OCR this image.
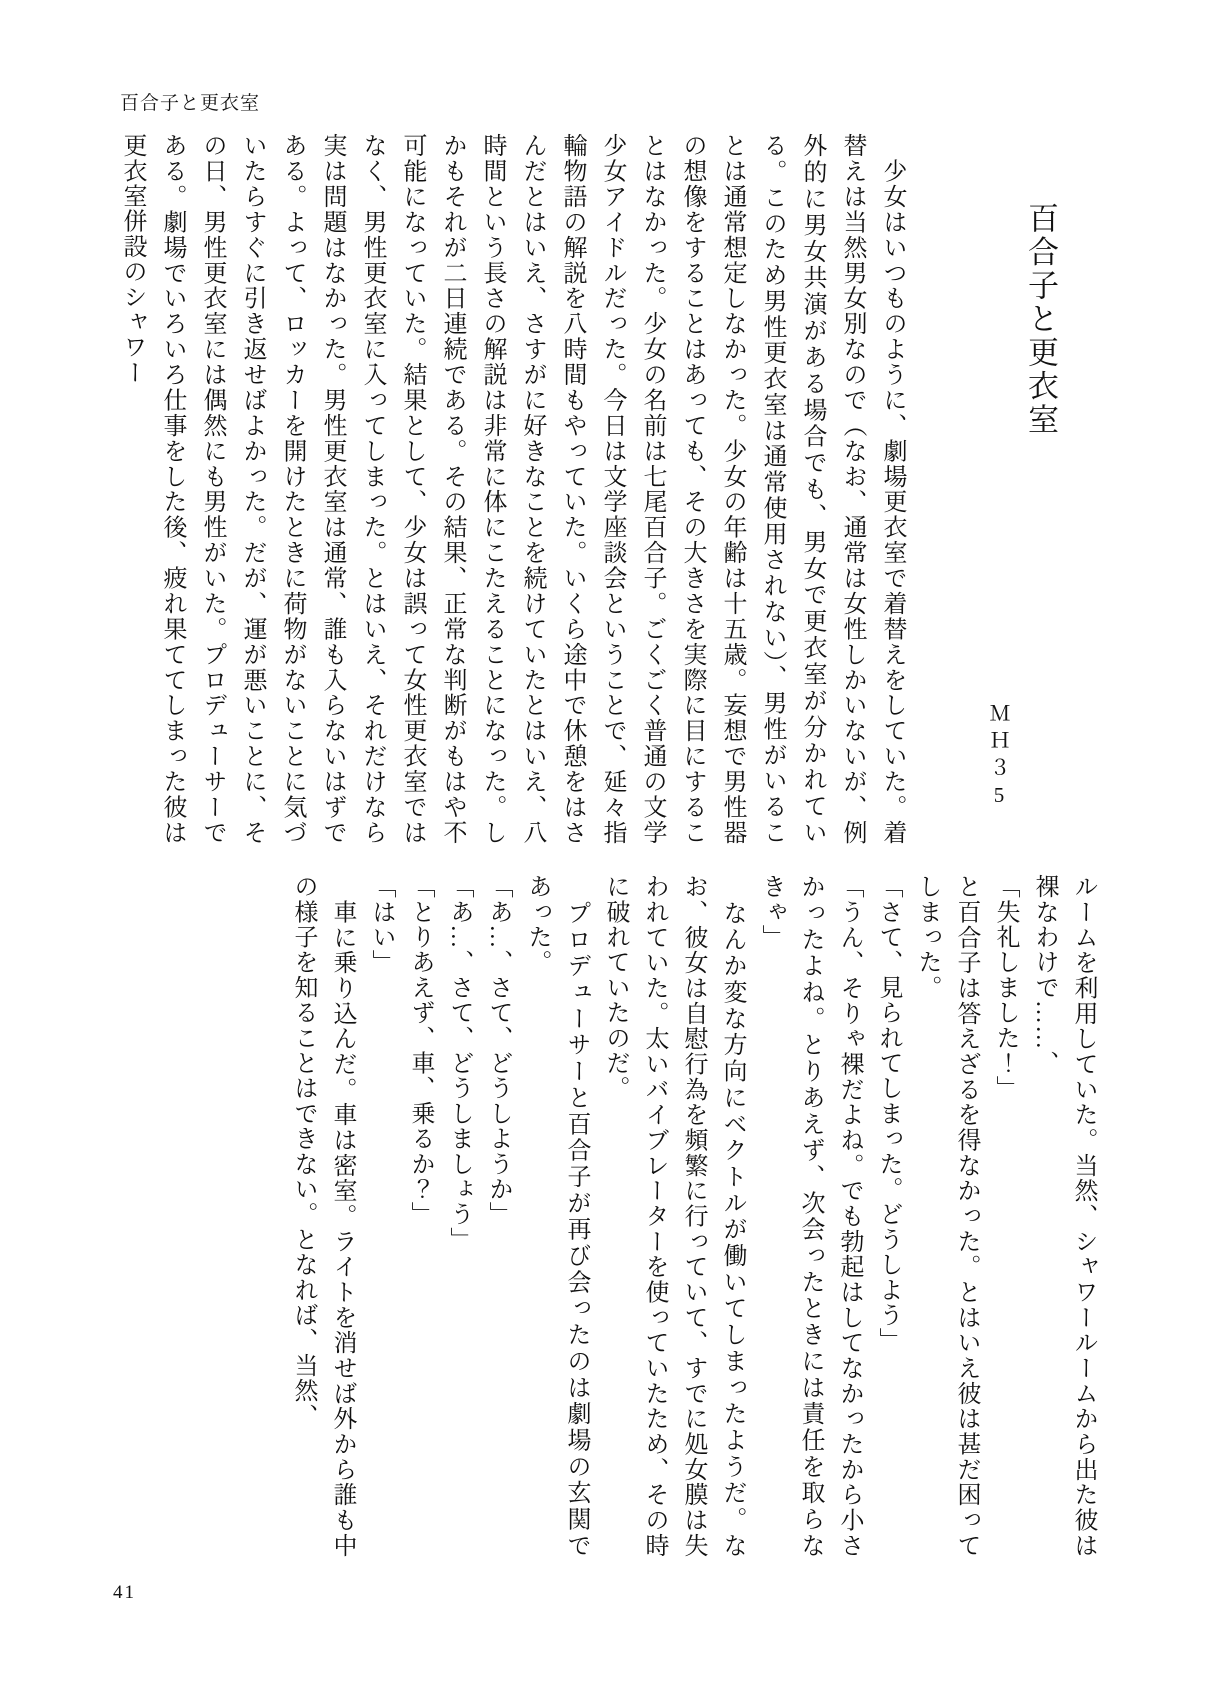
百合子と更衣室
百合子と更衣室
ＭＨ３5

　少女はいつものように、劇場更衣室で着替えをしていた。着替えは当然男女別なので（なお、通常は女性しかいないが、例外的に男女共演がある場合でも、男女で更衣室が分かれている。このため男性更衣室は通常使用されない）、男性がいることは通常想定しなかった。少女の年齢は十五歳。妄想で男性器の想像をすることはあっても、その大きさを実際に目にすることはなかった。少女の名前は七尾百合子。ごくごく普通の文学少女アイドルだった。今日は文学座談会ということで、延々指輪物語の解説を八時間もやっていた。いくら途中で休憩をはさんだとはいえ、さすがに好きなことを続けていたとはいえ、八時間という長さの解説は非常に体にこたえることになった。しかもそれが二日連続である。その結果、正常な判断がもはや不可能になっていた。結果として、少女は誤って女性更衣室ではなく、男性更衣室に入ってしまった。とはいえ、それだけなら実は問題はなかった。男性更衣室は通常、誰も入らないはずである。よって、ロッカーを開けたときに荷物がないことに気づいたらすぐに引き返せばよかった。だが、運が悪いことに、その日、男性更衣室には偶然にも男性がいた。プロデューサーである。劇場でいろいろ仕事をした後、疲れ果ててしまった彼は更衣室併設のシャワー

ルームを利用していた。当然、シャワールームから出た彼は裸なわけで……、

「失礼しました！」

と百合子は答えざるを得なかった。とはいえ彼は甚だ困ってしまった。

「さて、見られてしまった。どうしよう」

「うん、そりゃ裸だよね。でも勃起はしてなかったから小さかったよね。とりあえず、次会ったときには責任を取らなきゃ」

　なんか変な方向にベクトルが働いてしまったようだ。なお、彼女は自慰行為を頻繁に行っていて、すでに処女膜は失われていた。太いバイブレーターを使っていたため、その時に破れていたのだ。

　プロデューサーと百合子が再び会ったのは劇場の玄関であった。

「あ…、さて、どうしようか」

「あ…、さて、どうしましょう」

「とりあえず、車、乗るか？」

「はい」

　車に乗り込んだ。車は密室。ライトを消せば外から誰も中の様子を知ることはできない。となれば、当然、

41
